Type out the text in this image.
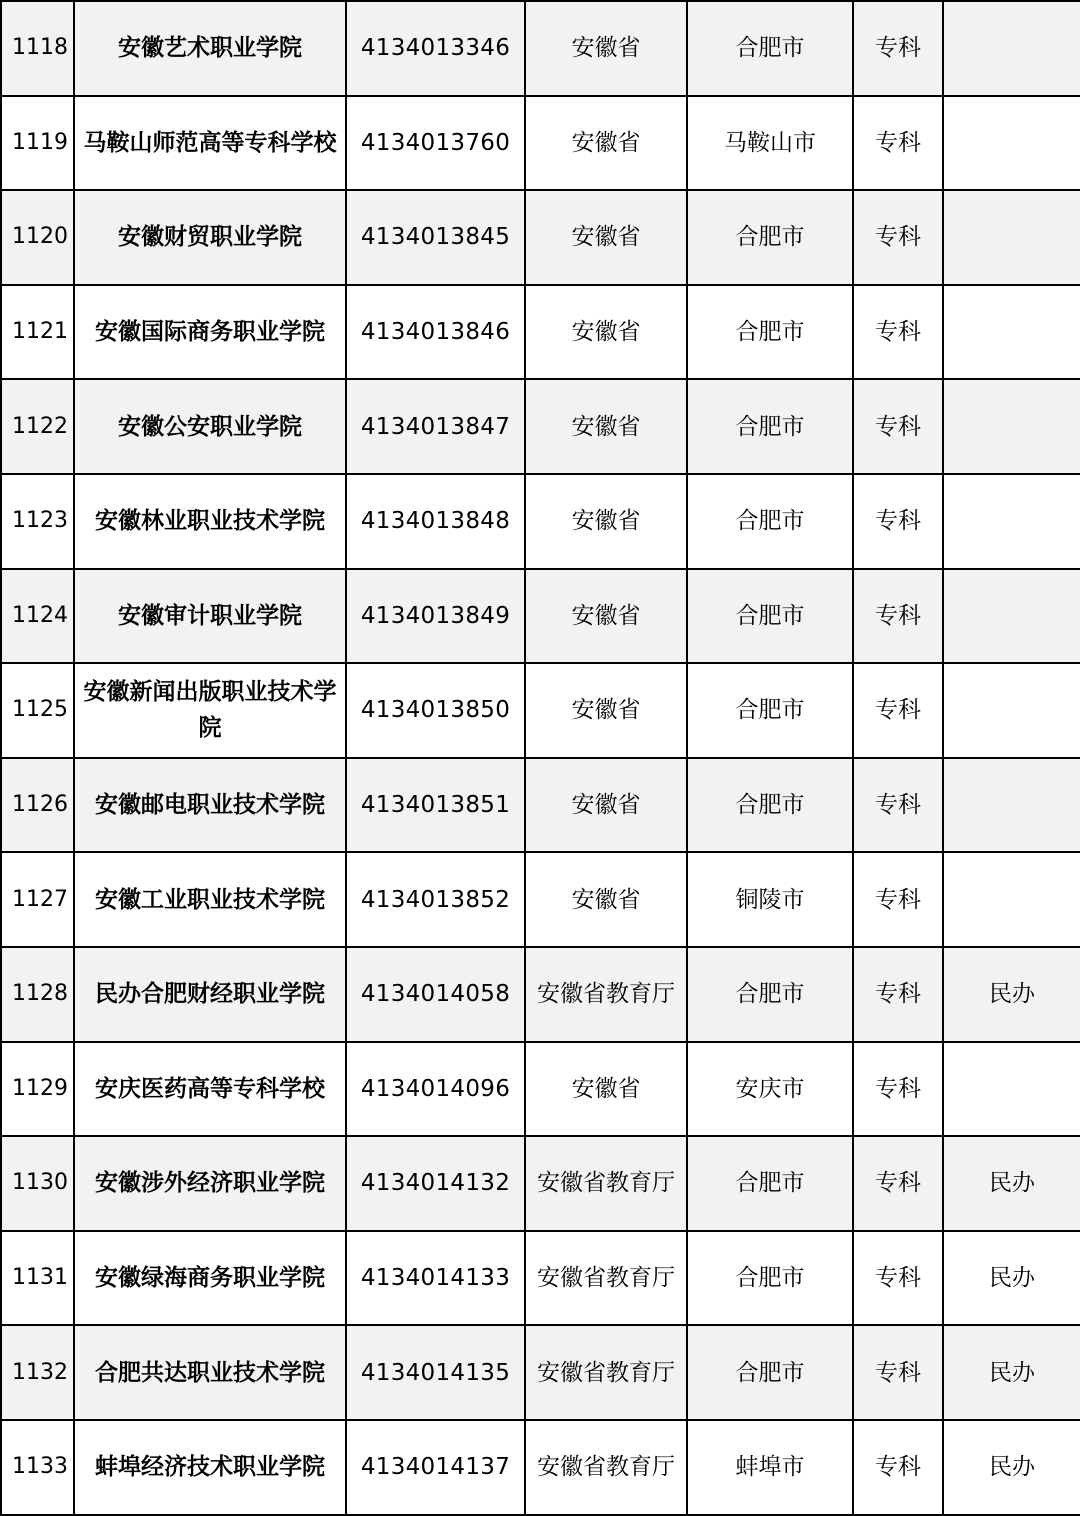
1118	安徽艺术职业学院	4134013346	安徽省	合肥市	专科	
1119	马鞍山师范高等专科学校	4134013760	安徽省	马鞍山市	专科	
1120	安徽财贸职业学院	4134013845	安徽省	合肥市	专科	
1121	安徽国际商务职业学院	4134013846	安徽省	合肥市	专科	
1122	安徽公安职业学院	4134013847	安徽省	合肥市	专科	
1123	安徽林业职业技术学院	4134013848	安徽省	合肥市	专科	
1124	安徽审计职业学院	4134013849	安徽省	合肥市	专科	
1125	安徽新闻出版职业技术学院	4134013850	安徽省	合肥市	专科	
1126	安徽邮电职业技术学院	4134013851	安徽省	合肥市	专科	
1127	安徽工业职业技术学院	4134013852	安徽省	铜陵市	专科	
1128	民办合肥财经职业学院	4134014058	安徽省教育厅	合肥市	专科	民办
1129	安庆医药高等专科学校	4134014096	安徽省	安庆市	专科	
1130	安徽涉外经济职业学院	4134014132	安徽省教育厅	合肥市	专科	民办
1131	安徽绿海商务职业学院	4134014133	安徽省教育厅	合肥市	专科	民办
1132	合肥共达职业技术学院	4134014135	安徽省教育厅	合肥市	专科	民办
1133	蚌埠经济技术职业学院	4134014137	安徽省教育厅	蚌埠市	专科	民办
